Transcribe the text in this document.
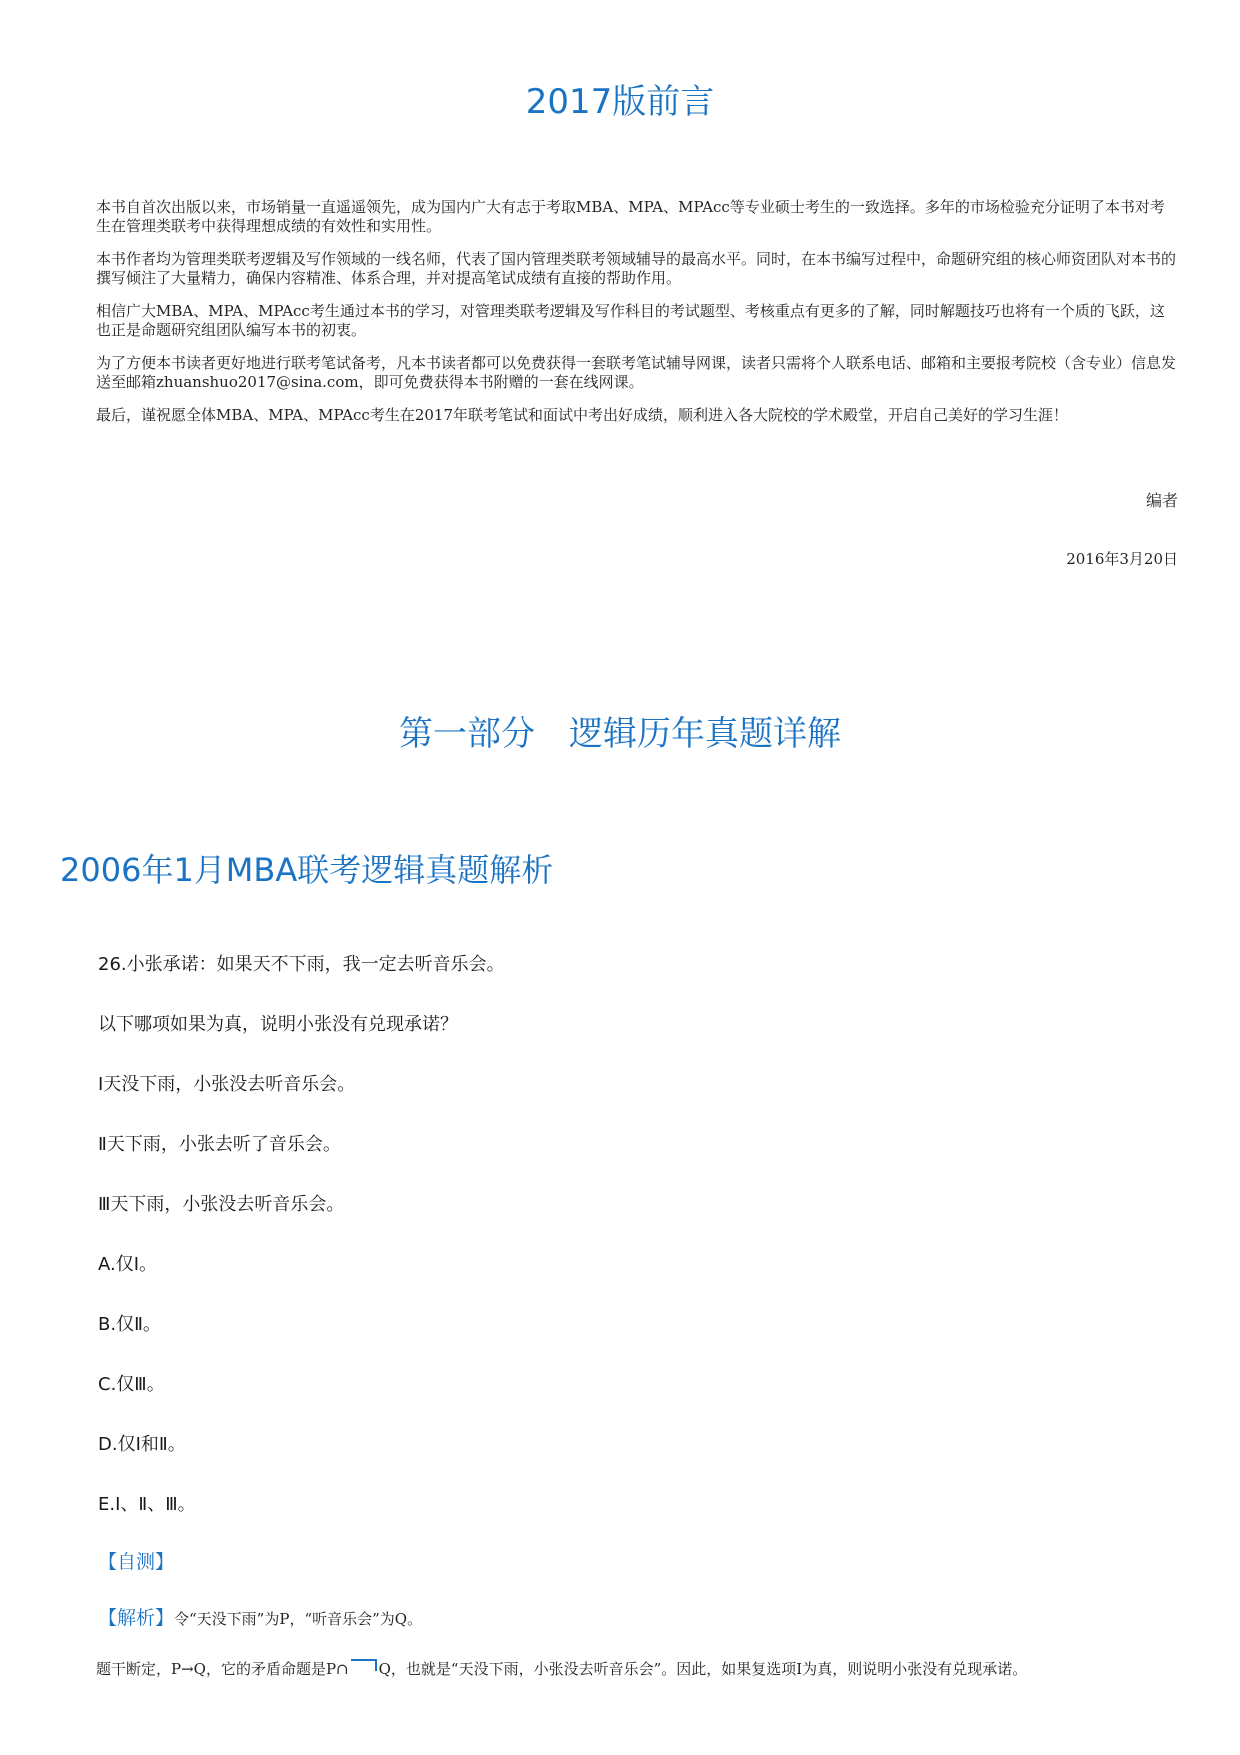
2017版前言

本书自首次出版以来，市场销量一直遥遥领先，成为国内广大有志于考取MBA、MPA、MPAcc等专业硕士考生的一致选择。多年的市场检验充分证明了本书对考生在管理类联考中获得理想成绩的有效性和实用性。

本书作者均为管理类联考逻辑及写作领域的一线名师，代表了国内管理类联考领域辅导的最高水平。同时，在本书编写过程中，命题研究组的核心师资团队对本书的撰写倾注了大量精力，确保内容精准、体系合理，并对提高笔试成绩有直接的帮助作用。

相信广大MBA、MPA、MPAcc考生通过本书的学习，对管理类联考逻辑及写作科目的考试题型、考核重点有更多的了解，同时解题技巧也将有一个质的飞跃，这也正是命题研究组团队编写本书的初衷。

为了方便本书读者更好地进行联考笔试备考，凡本书读者都可以免费获得一套联考笔试辅导网课，读者只需将个人联系电话、邮箱和主要报考院校（含专业）信息发送至邮箱zhuanshuo2017@sina.com，即可免费获得本书附赠的一套在线网课。

最后，谨祝愿全体MBA、MPA、MPAcc考生在2017年联考笔试和面试中考出好成绩，顺利进入各大院校的学术殿堂，开启自己美好的学习生涯！

编者
2016年3月20日
第一部分 逻辑历年真题详解
2006年1月MBA联考逻辑真题解析
26.小张承诺：如果天不下雨，我一定去听音乐会。
以下哪项如果为真，说明小张没有兑现承诺？
Ⅰ天没下雨，小张没去听音乐会。
Ⅱ天下雨，小张去听了音乐会。
Ⅲ天下雨，小张没去听音乐会。
A.仅Ⅰ。
B.仅Ⅱ。
C.仅Ⅲ。
D.仅Ⅰ和Ⅱ。
E.Ⅰ、Ⅱ、Ⅲ。
【自测】
【解析】令“天没下雨”为P，“听音乐会”为Q。
题干断定，P→Q，它的矛盾命题是P∩ Q，也就是“天没下雨，小张没去听音乐会”。因此，如果复选项Ⅰ为真，则说明小张没有兑现承诺。
